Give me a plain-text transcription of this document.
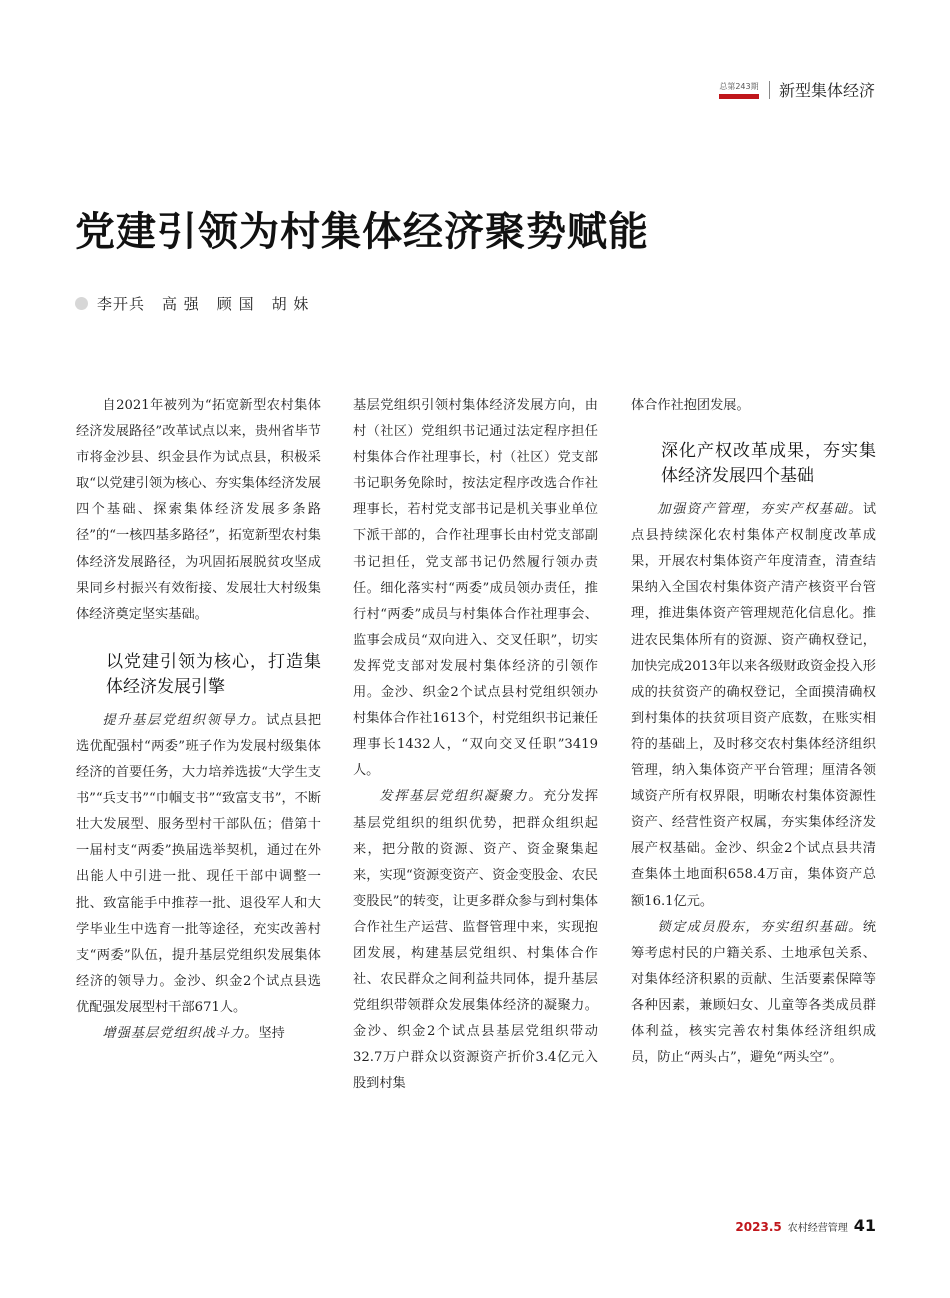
总第243期 新型集体经济
党建引领为村集体经济聚势赋能
李开兵 高 强 顾 国 胡 妹

自2021年被列为“拓宽新型农村集体经济发展路径”改革试点以来，贵州省毕节市将金沙县、织金县作为试点县，积极采取“以党建引领为核心、夯实集体经济发展四个基础、探索集体经济发展多条路径”的“一核四基多路径”，拓宽新型农村集体经济发展路径，为巩固拓展脱贫攻坚成果同乡村振兴有效衔接、发展壮大村级集体经济奠定坚实基础。

以党建引领为核心，打造集体经济发展引擎

提升基层党组织领导力。试点县把选优配强村“两委”班子作为发展村级集体经济的首要任务，大力培养选拔“大学生支书”“兵支书”“巾帼支书”“致富支书”，不断壮大发展型、服务型村干部队伍；借第十一届村支“两委”换届选举契机，通过在外出能人中引进一批、现任干部中调整一批、致富能手中推荐一批、退役军人和大学毕业生中选育一批等途径，充实改善村支“两委”队伍，提升基层党组织发展集体经济的领导力。金沙、织金2个试点县选优配强发展型村干部671人。

增强基层党组织战斗力。坚持

基层党组织引领村集体经济发展方向，由村（社区）党组织书记通过法定程序担任村集体合作社理事长，村（社区）党支部书记职务免除时，按法定程序改选合作社理事长，若村党支部书记是机关事业单位下派干部的，合作社理事长由村党支部副书记担任，党支部书记仍然履行领办责任。细化落实村“两委”成员领办责任，推行村“两委”成员与村集体合作社理事会、监事会成员“双向进入、交叉任职”，切实发挥党支部对发展村集体经济的引领作用。金沙、织金2个试点县村党组织领办村集体合作社1613个，村党组织书记兼任理事长1432人，“双向交叉任职”3419人。

发挥基层党组织凝聚力。充分发挥基层党组织的组织优势，把群众组织起来，把分散的资源、资产、资金聚集起来，实现“资源变资产、资金变股金、农民变股民”的转变，让更多群众参与到村集体合作社生产运营、监督管理中来，实现抱团发展，构建基层党组织、村集体合作社、农民群众之间利益共同体，提升基层党组织带领群众发展集体经济的凝聚力。金沙、织金2个试点县基层党组织带动32.7万户群众以资源资产折价3.4亿元入股到村集

体合作社抱团发展。

深化产权改革成果，夯实集体经济发展四个基础

加强资产管理，夯实产权基础。试点县持续深化农村集体产权制度改革成果，开展农村集体资产年度清查，清查结果纳入全国农村集体资产清产核资平台管理，推进集体资产管理规范化信息化。推进农民集体所有的资源、资产确权登记，加快完成2013年以来各级财政资金投入形成的扶贫资产的确权登记，全面摸清确权到村集体的扶贫项目资产底数，在账实相符的基础上，及时移交农村集体经济组织管理，纳入集体资产平台管理；厘清各领域资产所有权界限，明晰农村集体资源性资产、经营性资产权属，夯实集体经济发展产权基础。金沙、织金2个试点县共清查集体土地面积658.4万亩，集体资产总额16.1亿元。

锁定成员股东，夯实组织基础。统筹考虑村民的户籍关系、土地承包关系、对集体经济积累的贡献、生活要素保障等各种因素，兼顾妇女、儿童等各类成员群体利益，核实完善农村集体经济组织成员，防止“两头占”，避免“两头空”。

2023.5 农村经营管理 41
